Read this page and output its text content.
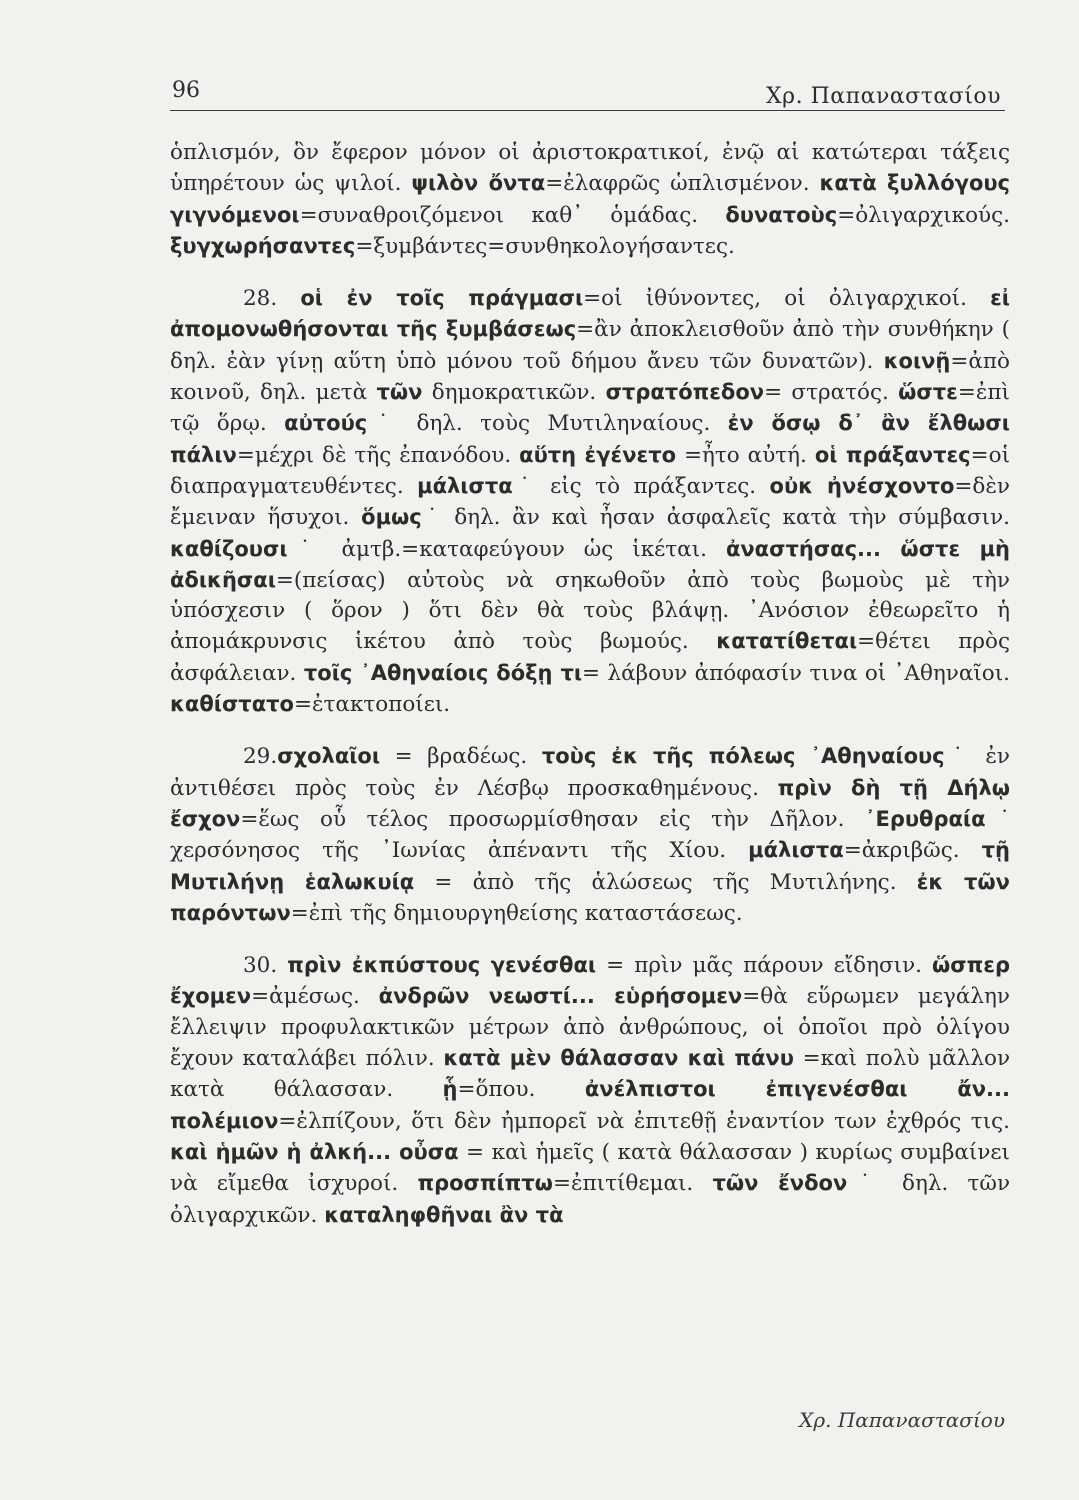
96	Χρ. Παπαναστασίου

ὁπλισμόν, ὃν ἔφερον μόνον οἱ ἀριστοκρατικοί, ἐνῷ αἱ κατώτεραι τάξεις ὑπηρέτουν ὡς ψιλοί. ψιλὸν ὄντα=ἐλαφρῶς ὡπλισμένον. κατὰ ξυλλόγους γιγνόμενοι=συναθροιζόμενοι καθ᾽ ὁμάδας. δυνατοὺς=ὀλιγαρχικούς. ξυγχωρήσαντες=ξυμβάντες=συνθηκολογήσαντες.

28. οἱ ἐν τοῖς πράγμασι=οἱ ἰθύνοντες, οἱ ὀλιγαρχικοί. εἰ ἀπομονωθήσονται τῆς ξυμβάσεως=ἂν ἀποκλεισθοῦν ἀπὸ τὴν συνθήκην ( δηλ. ἐὰν γίνῃ αὕτη ὑπὸ μόνου τοῦ δήμου ἄνευ τῶν δυνατῶν). κοινῇ=ἀπὸ κοινοῦ, δηλ. μετὰ τῶν δημοκρατικῶν. στρατόπεδον= στρατός. ὥστε=ἐπὶ τῷ ὅρῳ. αὐτούς˙ δηλ. τοὺς Μυτιληναίους. ἐν ὅσῳ δ᾽ ἂν ἔλθωσι πάλιν=μέχρι δὲ τῆς ἐπανόδου. αὕτη ἐγένετο =ἦτο αὐτή. οἱ πράξαντες=οἱ διαπραγματευθέντες. μάλιστα˙ εἰς τὸ πράξαντες. οὐκ ἠνέσχοντο=δὲν ἔμειναν ἥσυχοι. ὅμως˙ δηλ. ἂν καὶ ἦσαν ἀσφαλεῖς κατὰ τὴν σύμβασιν. καθίζουσι˙ ἀμτβ.=καταφεύγουν ὡς ἱκέται. ἀναστήσας... ὥστε μὴ ἀδικῆσαι=(πείσας) αὐτοὺς νὰ σηκωθοῦν ἀπὸ τοὺς βωμοὺς μὲ τὴν ὑπόσχεσιν ( ὅρον ) ὅτι δὲν θὰ τοὺς βλάψῃ. ᾽Ανόσιον ἐθεωρεῖτο ἡ ἀπομάκρυνσις ἱκέτου ἀπὸ τοὺς βωμούς. κατατίθεται=θέτει πρὸς ἀσφάλειαν. τοῖς ᾽Αθηναίοις δόξῃ τι= λάβουν ἀπόφασίν τινα οἱ ᾽Αθηναῖοι. καθίστατο=ἐτακτοποίει.

29.σχολαῖοι = βραδέως. τοὺς ἐκ τῆς πόλεως ᾽Αθηναίους˙ ἐν ἀντιθέσει πρὸς τοὺς ἐν Λέσβῳ προσκαθημένους. πρὶν δὴ τῇ Δήλῳ ἔσχον=ἕως οὗ τέλος προσωρμίσθησαν εἰς τὴν Δῆλον. ᾽Ερυθραία˙ χερσόνησος τῆς ᾽Ιωνίας ἀπέναντι τῆς Χίου. μάλιστα=ἀκριβῶς. τῇ Μυτιλήνῃ ἑαλωκυίᾳ = ἀπὸ τῆς ἁλώσεως τῆς Μυτιλήνης. ἐκ τῶν παρόντων=ἐπὶ τῆς δημιουργηθείσης καταστάσεως.

30. πρὶν ἐκπύστους γενέσθαι = πρὶν μᾶς πάρουν εἴδησιν. ὥσπερ ἔχομεν=ἀμέσως. ἀνδρῶν νεωστί... εὑρήσομεν=θὰ εὕρωμεν μεγάλην ἔλλειψιν προφυλακτικῶν μέτρων ἀπὸ ἀνθρώπους, οἱ ὁποῖοι πρὸ ὀλίγου ἔχουν καταλάβει πόλιν. κατὰ μὲν θάλασσαν καὶ πάνυ =καὶ πολὺ μᾶλλον κατὰ θάλασσαν. ᾗ=ὅπου. ἀνέλπιστοι ἐπιγενέσθαι ἄν... πολέμιον=ἐλπίζουν, ὅτι δὲν ἠμπορεῖ νὰ ἐπιτεθῇ ἐναντίον των ἐχθρός τις. καὶ ἡμῶν ἡ ἀλκή... οὖσα = καὶ ἡμεῖς ( κατὰ θάλασσαν ) κυρίως συμβαίνει νὰ εἴμεθα ἰσχυροί. προσπίπτω=ἐπιτίθεμαι. τῶν ἔνδον˙ δηλ. τῶν ὀλιγαρχικῶν. καταληφθῆναι ἂν τὰ

Χρ. Παπαναστασίου
